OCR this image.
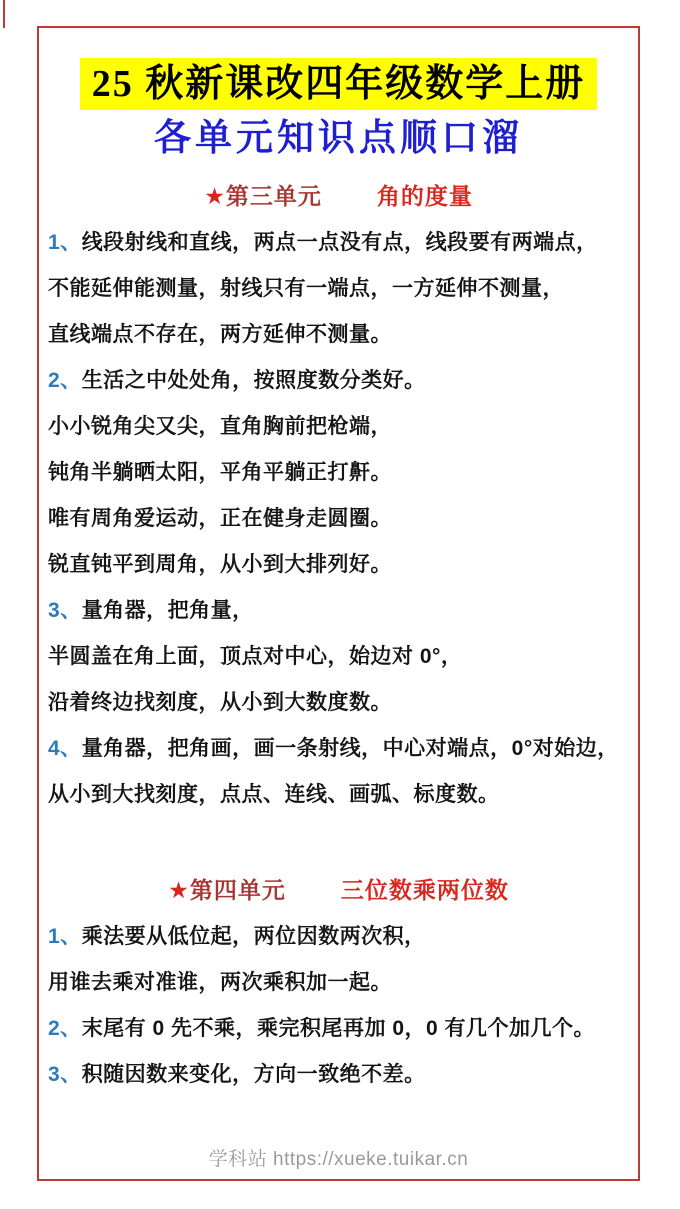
25 秋新课改四年级数学上册
各单元知识点顺口溜
★第三单元 角的度量
1、线段射线和直线，两点一点没有点，线段要有两端点，
不能延伸能测量，射线只有一端点，一方延伸不测量，
直线端点不存在，两方延伸不测量。
2、生活之中处处角，按照度数分类好。
小小锐角尖又尖，直角胸前把枪端，
钝角半躺晒太阳，平角平躺正打鼾。
唯有周角爱运动，正在健身走圆圈。
锐直钝平到周角，从小到大排列好。
3、量角器，把角量，
半圆盖在角上面，顶点对中心，始边对 0°，
沿着终边找刻度，从小到大数度数。
4、量角器，把角画，画一条射线，中心对端点，0°对始边，
从小到大找刻度，点点、连线、画弧、标度数。
★第四单元 三位数乘两位数
1、乘法要从低位起，两位因数两次积，
用谁去乘对准谁，两次乘积加一起。
2、末尾有 0 先不乘，乘完积尾再加 0，0 有几个加几个。
3、积随因数来变化，方向一致绝不差。
学科站 https://xueke.tuikar.cn
